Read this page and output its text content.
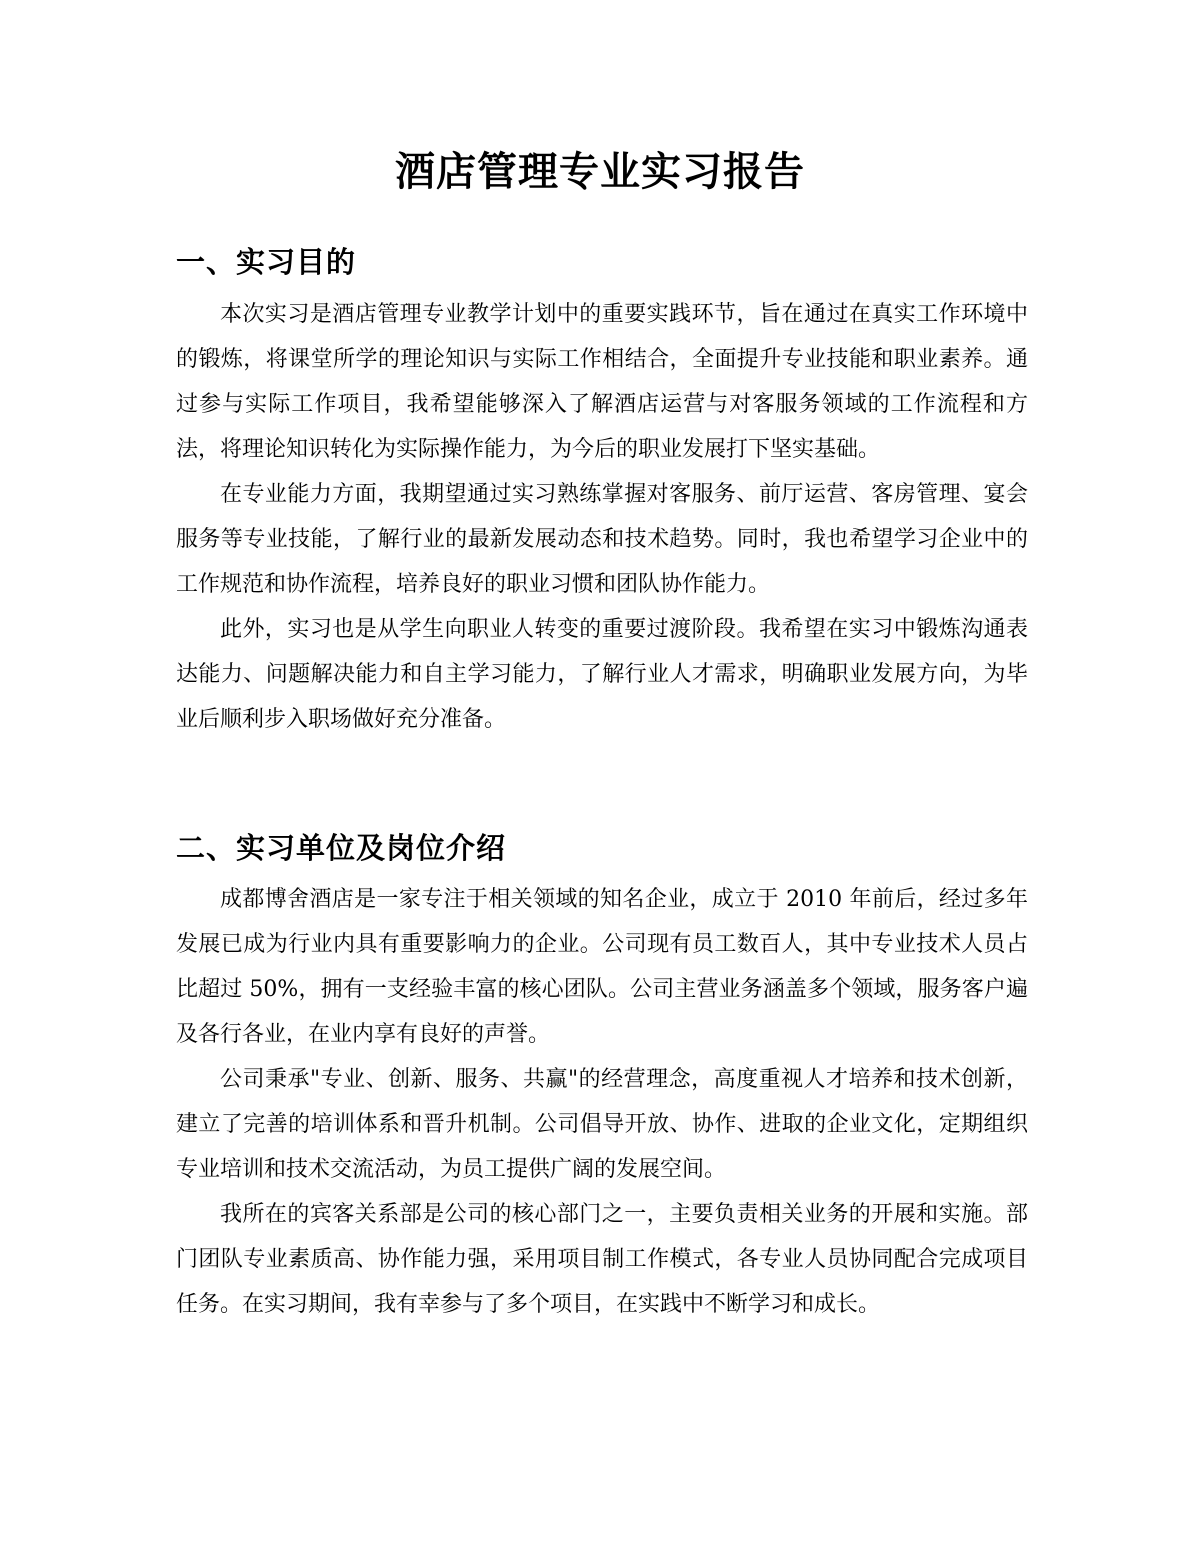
酒店管理专业实习报告
一、实习目的

本次实习是酒店管理专业教学计划中的重要实践环节，旨在通过在真实工作环境中的锻炼，将课堂所学的理论知识与实际工作相结合，全面提升专业技能和职业素养。通过参与实际工作项目，我希望能够深入了解酒店运营与对客服务领域的工作流程和方法，将理论知识转化为实际操作能力，为今后的职业发展打下坚实基础。

在专业能力方面，我期望通过实习熟练掌握对客服务、前厅运营、客房管理、宴会服务等专业技能，了解行业的最新发展动态和技术趋势。同时，我也希望学习企业中的工作规范和协作流程，培养良好的职业习惯和团队协作能力。

此外，实习也是从学生向职业人转变的重要过渡阶段。我希望在实习中锻炼沟通表达能力、问题解决能力和自主学习能力，了解行业人才需求，明确职业发展方向，为毕业后顺利步入职场做好充分准备。

二、实习单位及岗位介绍

成都博舍酒店是一家专注于相关领域的知名企业，成立于 2010 年前后，经过多年发展已成为行业内具有重要影响力的企业。公司现有员工数百人，其中专业技术人员占比超过 50%，拥有一支经验丰富的核心团队。公司主营业务涵盖多个领域，服务客户遍及各行各业，在业内享有良好的声誉。

公司秉承"专业、创新、服务、共赢"的经营理念，高度重视人才培养和技术创新，建立了完善的培训体系和晋升机制。公司倡导开放、协作、进取的企业文化，定期组织专业培训和技术交流活动，为员工提供广阔的发展空间。

我所在的宾客关系部是公司的核心部门之一，主要负责相关业务的开展和实施。部门团队专业素质高、协作能力强，采用项目制工作模式，各专业人员协同配合完成项目任务。在实习期间，我有幸参与了多个项目，在实践中不断学习和成长。
